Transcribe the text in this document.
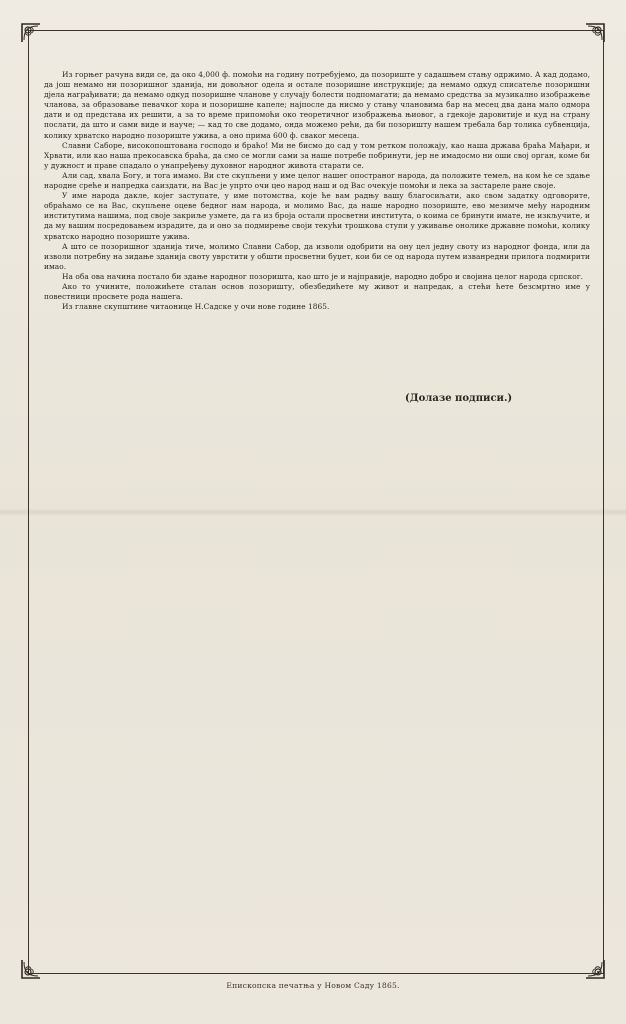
Из горњег рачуна види се, да око 4,000 ф. помоћи на годину потребујемо, да позориште у садашњем стању одржимо. А кад додамо, да још немамо ни позоришног зданија, ни довољног одела и остале позоришне инструкције; да немамо одкуд списатеље позоришни дјела награђивати; да немамо одкуд позоришне чланове у случају болести подпомагати; да немамо средства за музикално изображење чланова, за образовање певачког хора и позоришне капеле; најпосле да нисмо у стању члановима бар на месец два дана мало одмора дати и од представа их решити, а за то време припомоћи око теоретичног изображења њиовог, а гдекоје даровитије и куд на страну послати, да што и сами виде и науче; — кад то све додамо, онда можемо рећи, да би позоришту нашем требала бар толика субвенција, колику хрватско народно позориште ужива, а оно прима 600 ф. сваког месеца.

Славни Саборе, високопоштована господо и браћо! Ми не бисмо до сад у том ретком положају, као наша држава браћа Мађари, и Хрвати, или као наша прекосавска браћа, да смо се могли сами за наше потребе побринути, јер не имадосмо ни оши свој орган, коме би у дужност и праве спадало о унапређењу духовног народног живота старати се.

Али сад, хвала Богу, и тога имамо. Ви сте скупљени у име целог нашег опостраног народа, да положите темељ, на ком ће се здање народне среће и напредка саиздати, на Вас је упрто очи цео народ наш и од Вас очекује помоћи и лека за застареле ране своје.

У име народа дакле, којег заступате, у име потомства, које ће вам радњу вашу благосиљати, ако свом задатку одговорите, обраћамо се на Вас, скупљене оцеве бедног нам народа, и молимо Вас, да наше народно позориште, ево мезимче међу народним институтима нашима, под своје закриље узмете, да га из броја остали просветни института, о коима се бринути имате, не изкључите, и да му вашим посредовањем израдите, да и оно за подмирење своји текући трошкова ступи у уживање оноликe државне помоћи, колику хрватско народно позориште ужива.

А што се позоришног зданија тиче, молимо Славни Сабор, да изволи одобрити на ону цел једну своту из народног фонда, или да изволи потребну на зидање зданија своту уврстити у обшти просветни буџет, кои би се од народа путем изванредни прилога подмирити имао.

На оба ова начина постало би здање народног позоришта, као што је и најправије, народно добро и својина целог народа српског.

Ако то учините, положићете сталан основ позоришту, обезбедићете му живот и напредак, а стећи ћете безсмртно име у повестници просвете рода нашега.

Из главне скупштине читаонице Н.Садске у очи нове године 1865.

(Долазе подписи.)
Епископска печатња у Новом Саду 1865.
